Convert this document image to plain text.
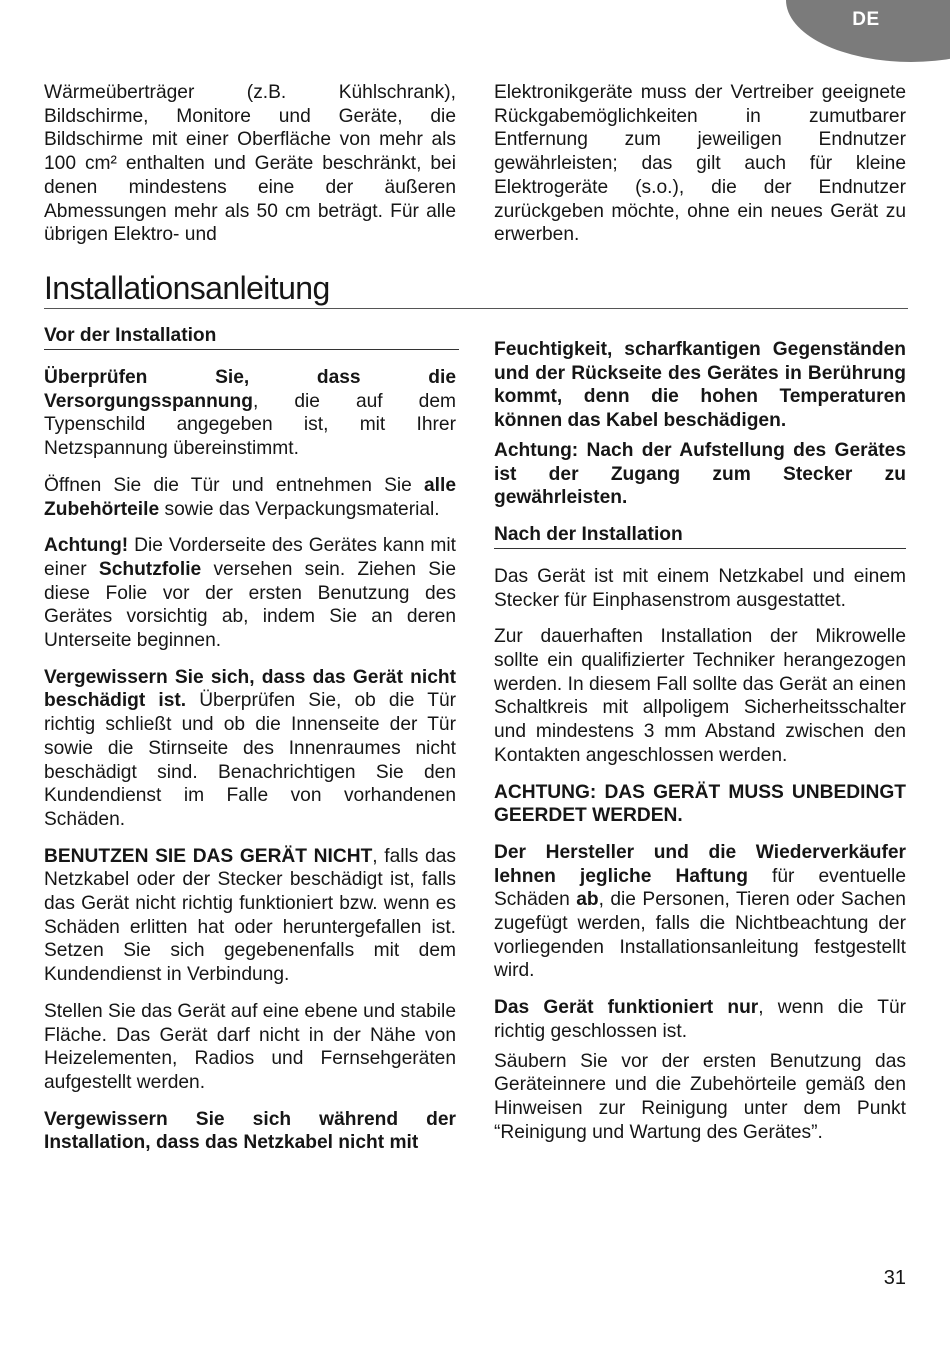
DE

Wärmeüberträger (z.B. Kühlschrank), Bildschirme, Monitore und Geräte, die Bildschirme mit einer Oberfläche von mehr als 100 cm² enthalten und Geräte beschränkt, bei denen mindestens eine der äußeren Abmessungen mehr als 50 cm beträgt. Für alle übrigen Elektro- und

Elektronikgeräte muss der Vertreiber geeignete Rückgabemöglichkeiten in zumutbarer Entfernung zum jeweiligen Endnutzer gewährleisten; das gilt auch für kleine Elektrogeräte (s.o.), die der Endnutzer zurückgeben möchte, ohne ein neues Gerät zu erwerben.

Installationsanleitung
Vor der Installation

Überprüfen Sie, dass die Versorgungsspannung, die auf dem Typenschild angegeben ist, mit Ihrer Netzspannung übereinstimmt.

Öffnen Sie die Tür und entnehmen Sie alle Zubehörteile sowie das Verpackungsmaterial.

Achtung! Die Vorderseite des Gerätes kann mit einer Schutzfolie versehen sein. Ziehen Sie diese Folie vor der ersten Benutzung des Gerätes vorsichtig ab, indem Sie an deren Unterseite beginnen.

Vergewissern Sie sich, dass das Gerät nicht beschädigt ist. Überprüfen Sie, ob die Tür richtig schließt und ob die Innenseite der Tür sowie die Stirnseite des Innenraumes nicht beschädigt sind. Benachrichtigen Sie den Kundendienst im Falle von vorhandenen Schäden.

BENUTZEN SIE DAS GERÄT NICHT, falls das Netzkabel oder der Stecker beschädigt ist, falls das Gerät nicht richtig funktioniert bzw. wenn es Schäden erlitten hat oder heruntergefallen ist. Setzen Sie sich gegebenenfalls mit dem Kundendienst in Verbindung.

Stellen Sie das Gerät auf eine ebene und stabile Fläche. Das Gerät darf nicht in der Nähe von Heizelementen, Radios und Fernsehgeräten aufgestellt werden.

Vergewissern Sie sich während der Installation, dass das Netzkabel nicht mit

Feuchtigkeit, scharfkantigen Gegenständen und der Rückseite des Gerätes in Berührung kommt, denn die hohen Temperaturen können das Kabel beschädigen.

Achtung: Nach der Aufstellung des Gerätes ist der Zugang zum Stecker zu gewährleisten.

Nach der Installation

Das Gerät ist mit einem Netzkabel und einem Stecker für Einphasenstrom ausgestattet.

Zur dauerhaften Installation der Mikrowelle sollte ein qualifizierter Techniker herangezogen werden. In diesem Fall sollte das Gerät an einen Schaltkreis mit allpoligem Sicherheitsschalter und mindestens 3 mm Abstand zwischen den Kontakten angeschlossen werden.

ACHTUNG: DAS GERÄT MUSS UNBEDINGT GEERDET WERDEN.

Der Hersteller und die Wiederverkäufer lehnen jegliche Haftung für eventuelle Schäden ab, die Personen, Tieren oder Sachen zugefügt werden, falls die Nichtbeachtung der vorliegenden Installationsanleitung festgestellt wird.

Das Gerät funktioniert nur, wenn die Tür richtig geschlossen ist.

Säubern Sie vor der ersten Benutzung das Geräteinnere und die Zubehörteile gemäß den Hinweisen zur Reinigung unter dem Punkt “Reinigung und Wartung des Gerätes”.

31
